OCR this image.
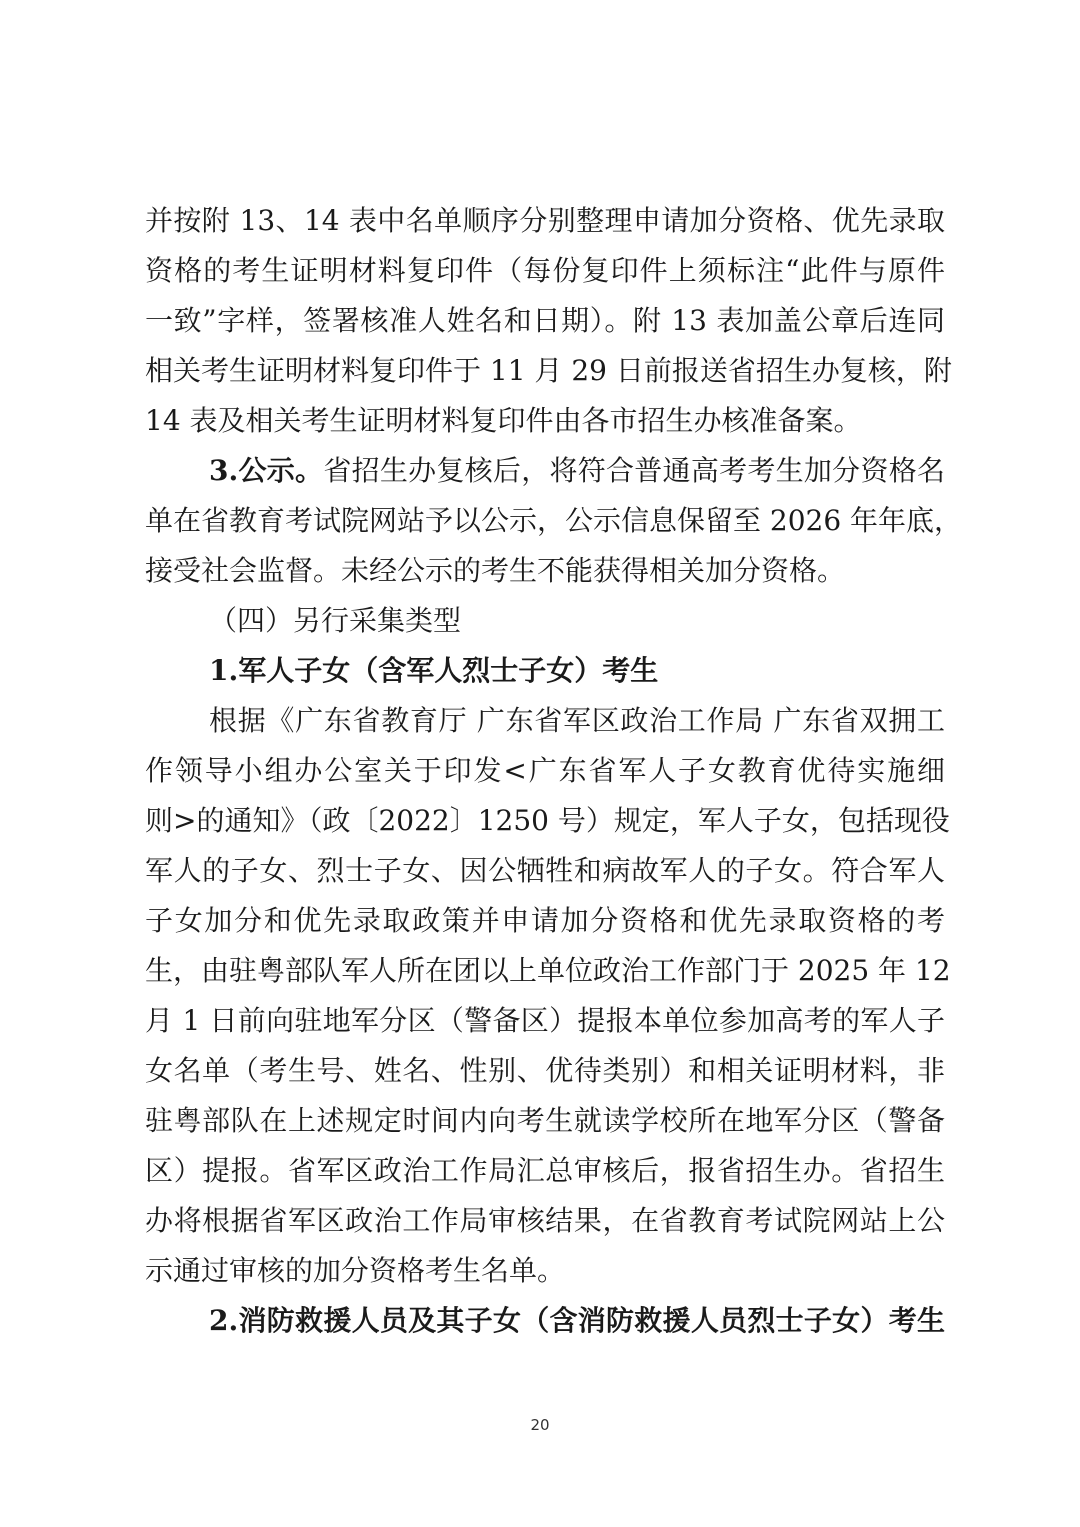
并按附 13、14 表中名单顺序分别整理申请加分资格、优先录取
资格的考生证明材料复印件（每份复印件上须标注“此件与原件
一致”字样，签署核准人姓名和日期）。附 13 表加盖公章后连同
相关考生证明材料复印件于 11 月 29 日前报送省招生办复核，附
14 表及相关考生证明材料复印件由各市招生办核准备案。
3.公示。省招生办复核后，将符合普通高考考生加分资格名
单在省教育考试院网站予以公示，公示信息保留至 2026 年年底，
接受社会监督。未经公示的考生不能获得相关加分资格。
（四）另行采集类型
1.军人子女（含军人烈士子女）考生
根据《广东省教育厅 广东省军区政治工作局 广东省双拥工
作领导小组办公室关于印发<广东省军人子女教育优待实施细
则>的通知》（政〔2022〕1250 号）规定，军人子女，包括现役
军人的子女、烈士子女、因公牺牲和病故军人的子女。符合军人
子女加分和优先录取政策并申请加分资格和优先录取资格的考
生，由驻粤部队军人所在团以上单位政治工作部门于 2025 年 12
月 1 日前向驻地军分区（警备区）提报本单位参加高考的军人子
女名单（考生号、姓名、性别、优待类别）和相关证明材料，非
驻粤部队在上述规定时间内向考生就读学校所在地军分区（警备
区）提报。省军区政治工作局汇总审核后，报省招生办。省招生
办将根据省军区政治工作局审核结果，在省教育考试院网站上公
示通过审核的加分资格考生名单。
2.消防救援人员及其子女（含消防救援人员烈士子女）考生
20
